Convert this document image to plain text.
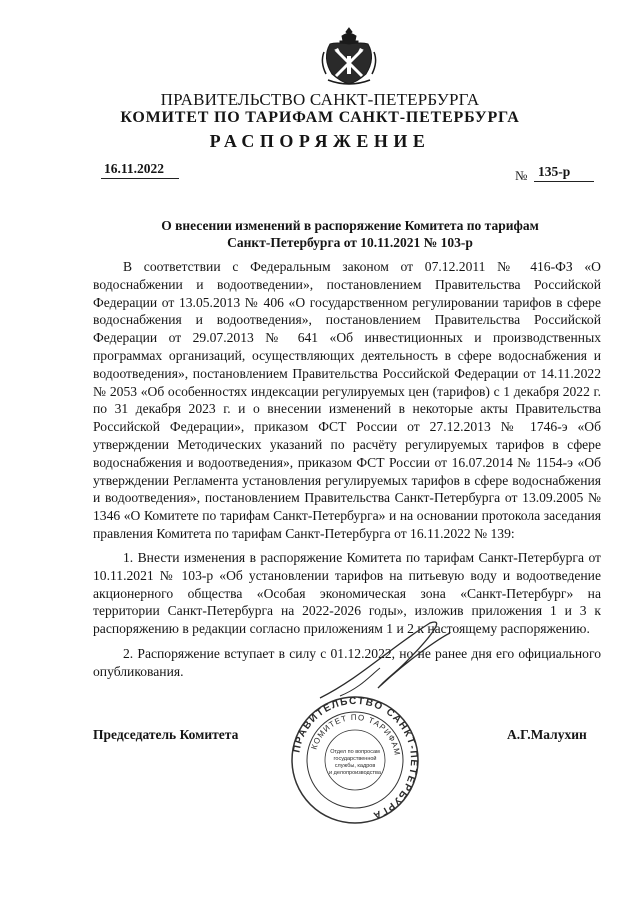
ПРАВИТЕЛЬСТВО САНКТ-ПЕТЕРБУРГА
КОМИТЕТ ПО ТАРИФАМ САНКТ-ПЕТЕРБУРГА
РАСПОРЯЖЕНИЕ
16.11.2022	№ 135-р
О внесении изменений в распоряжение Комитета по тарифам
Санкт-Петербурга от 10.11.2021 № 103-р

В соответствии с Федеральным законом от 07.12.2011 № 416-ФЗ «О водоснабжении и водоотведении», постановлением Правительства Российской Федерации от 13.05.2013 № 406 «О государственном регулировании тарифов в сфере водоснабжения и водоотведения», постановлением Правительства Российской Федерации от 29.07.2013 № 641 «Об инвестиционных и производственных программах организаций, осуществляющих деятельность в сфере водоснабжения и водоотведения», постановлением Правительства Российской Федерации от 14.11.2022 № 2053 «Об особенностях индексации регулируемых цен (тарифов) с 1 декабря 2022 г. по 31 декабря 2023 г. и о внесении изменений в некоторые акты Правительства Российской Федерации», приказом ФСТ России от 27.12.2013 № 1746-э «Об утверждении Методических указаний по расчёту регулируемых тарифов в сфере водоснабжения и водоотведения», приказом ФСТ России от 16.07.2014 № 1154-э «Об утверждении Регламента установления регулируемых тарифов в сфере водоснабжения и водоотведения», постановлением Правительства Санкт-Петербурга от 13.09.2005 № 1346 «О Комитете по тарифам Санкт-Петербурга» и на основании протокола заседания правления Комитета по тарифам Санкт-Петербурга от 16.11.2022 № 139:

1. Внести изменения в распоряжение Комитета по тарифам Санкт-Петербурга от 10.11.2021 № 103-р «Об установлении тарифов на питьевую воду и водоотведение акционерного общества «Особая экономическая зона «Санкт-Петербург» на территории Санкт-Петербурга на 2022-2026 годы», изложив приложения 1 и 3 к распоряжению в редакции согласно приложениям 1 и 2 к настоящему распоряжению.

2. Распоряжение вступает в силу с 01.12.2022, но не ранее дня его официального опубликования.

ПРАВИТЕЛЬСТВО САНКТ-ПЕТЕРБУРГА
КОМИТЕТ ПО ТАРИФАМ
Отдел по вопросам
государственной
службы, кадров
и делопроизводства
Председатель Комитета	А.Г.Малухин
